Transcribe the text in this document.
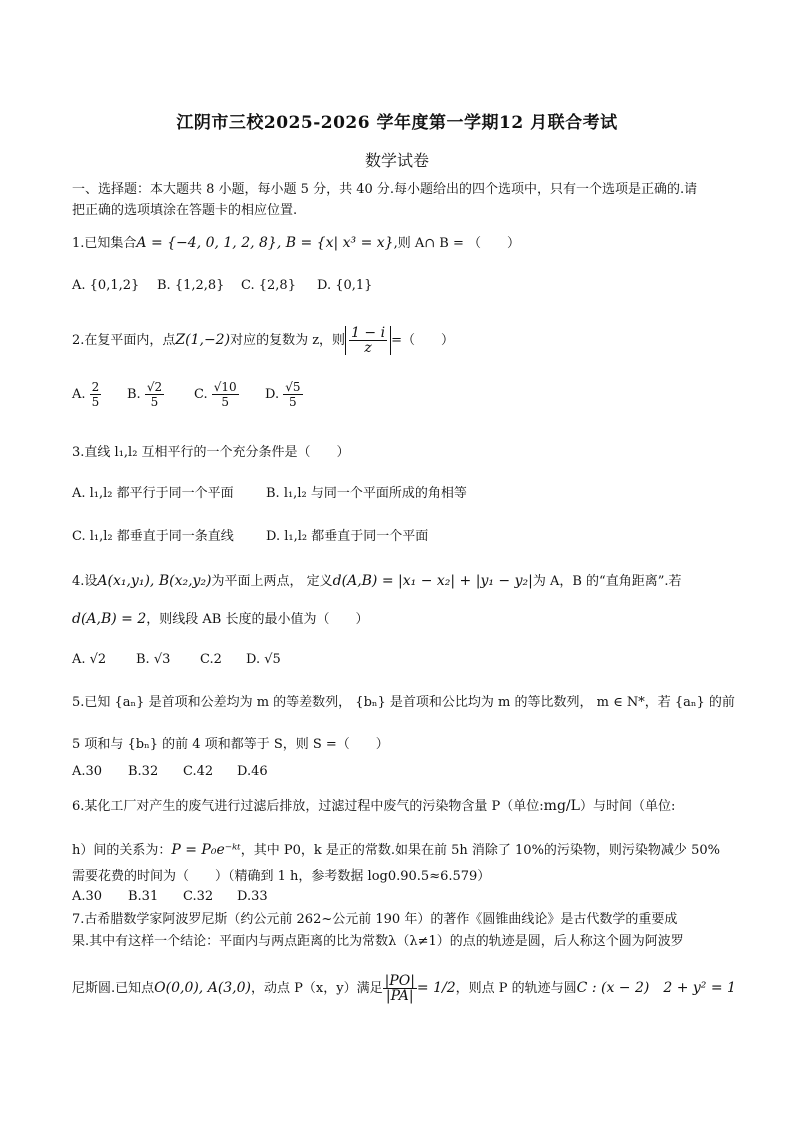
江阴市三校2025-2026 学年度第一学期12 月联合考试
数学试卷
一、选择题：本大题共 8 小题，每小题 5 分，共 40 分.每小题给出的四个选项中，只有一个选项是正确的.请
把正确的选项填涂在答题卡的相应位置.
1.已知集合A = {−4, 0, 1, 2, 8}, B = {x| x³ = x},则 A∩ B = （　　）
A. {0,1,2} B. {1,2,8} C. {2,8} D. {0,1}
2.在复平面内，点Z(1,−2)对应的复数为 z，则 $\frac{1 - i}{z}$ =（　　）
A. $\frac{2}{5} B$. $\frac{√2}{5} C$. $\frac{√10}{5} D$. $\frac{√5}{5}$
3.直线 l₁,l₂ 互相平行的一个充分条件是（　　）
A. l₁,l₂ 都平行于同一个平面 B. l₁,l₂ 与同一个平面所成的角相等
C. l₁,l₂ 都垂直于同一条直线 D. l₁,l₂ 都垂直于同一个平面
4.设A(x₁,y₁), B(x₂,y₂)为平面上两点， 定义d(A,B) = |x₁ − x₂| + |y₁ − y₂|为 A，B 的“直角距离”.若
d(A,B) = 2，则线段 AB 长度的最小值为（　　）
A. √2 B. √3 C.2 D. √5
5.已知 {aₙ} 是首项和公差均为 m 的等差数列， {bₙ} 是首项和公比均为 m 的等比数列， m ∈ N*，若 {aₙ} 的前
5 项和与 {bₙ} 的前 4 项和都等于 S，则 S =（　　）
A.30 B.32 C.42 D.46
6.某化工厂对产生的废气进行过滤后排放，过滤过程中废气的污染物含量 P（单位:mg/L）与时间（单位:
h）间的关系为：P = P₀e⁻ᵏᵗ，其中 P0，k 是正的常数.如果在前 5h 消除了 10%的污染物，则污染物减少 50%
需要花费的时间为（　　）（精确到 1 h，参考数据 log0.90.5≈6.579）
A.30 B.31 C.32 D.33
7.古希腊数学家阿波罗尼斯（约公元前 262~公元前 190 年）的著作《圆锥曲线论》是古代数学的重要成
果.其中有这样一个结论：平面内与两点距离的比为常数λ（λ≠1）的点的轨迹是圆，后人称这个圆为阿波罗
尼斯圆.已知点O(0,0), A(3,0)，动点 P（x，y）满足 $\frac{|PO|}{|PA|} = 1/2$，则点 P 的轨迹与圆C : (x − 2)　2 + y² = 1
